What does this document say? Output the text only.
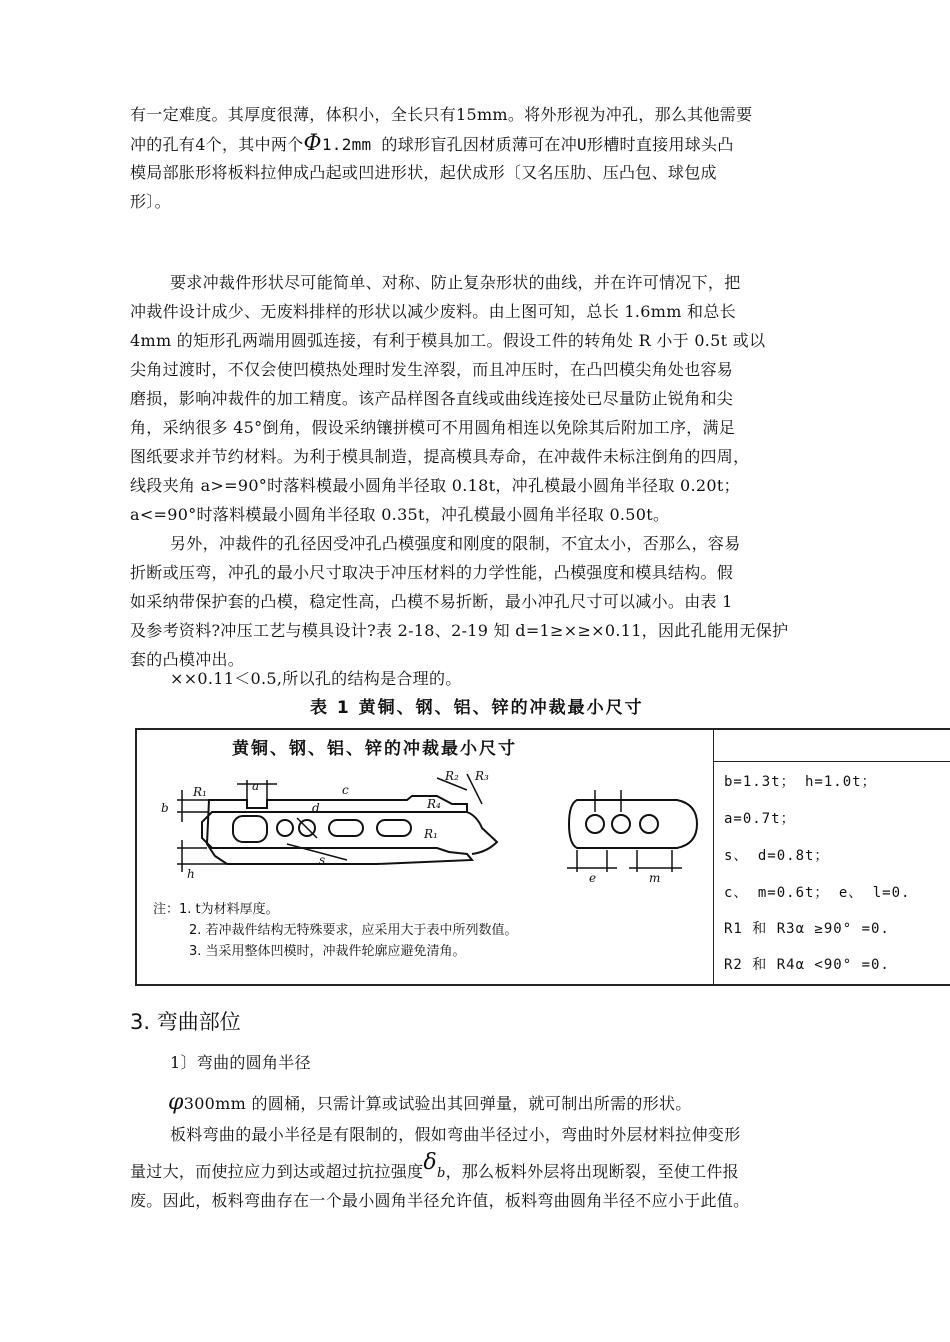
有一定难度。其厚度很薄，体积小，全长只有15mm。将外形视为冲孔，那么其他需要
冲的孔有4个，其中两个Φ1.2mm 的球形盲孔因材质薄可在冲U形槽时直接用球头凸
模局部胀形将板料拉伸成凸起或凹进形状，起伏成形〔又名压肋、压凸包、球包成
形〕。
要求冲裁件形状尽可能简单、对称、防止复杂形状的曲线，并在许可情况下，把
冲裁件设计成少、无废料排样的形状以减少废料。由上图可知，总长 1.6mm 和总长
4mm 的矩形孔两端用圆弧连接，有利于模具加工。假设工件的转角处 R 小于 0.5t 或以
尖角过渡时，不仅会使凹模热处理时发生淬裂，而且冲压时，在凸凹模尖角处也容易
磨损，影响冲裁件的加工精度。该产品样图各直线或曲线连接处已尽量防止锐角和尖
角，采纳很多 45°倒角，假设采纳镶拼模可不用圆角相连以免除其后附加工序，满足
图纸要求并节约材料。为利于模具制造，提高模具寿命，在冲裁件未标注倒角的四周，
线段夹角 a>=90°时落料模最小圆角半径取 0.18t，冲孔模最小圆角半径取 0.20t；
a<=90°时落料模最小圆角半径取 0.35t，冲孔模最小圆角半径取 0.50t。
另外，冲裁件的孔径因受冲孔凸模强度和刚度的限制，不宜太小，否那么，容易
折断或压弯，冲孔的最小尺寸取决于冲压材料的力学性能，凸模强度和模具结构。假
如采纳带保护套的凸模，稳定性高，凸模不易折断，最小冲孔尺寸可以减小。由表 1
及参考资料?冲压工艺与模具设计?表 2-18、2-19 知 d=1≥×≥×0.11，因此孔能用无保护
套的凸模冲出。
××0.11＜0.5,所以孔的结构是合理的。
表 1 黄铜、钢、铝、锌的冲裁最小尺寸
黄铜、钢、铝、锌的冲裁最小尺寸
b
h
R₁	a	c
d
s
R₁
R₂ R₃
R₄
e	m
注：1. t为材料厚度。
2. 若冲裁件结构无特殊要求，应采用大于表中所列数值。
3. 当采用整体凹模时，冲裁件轮廓应避免清角。
b=1.3t； h=1.0t；
a=0.7t；
s、 d=0.8t；
c、 m=0.6t； e、 l=0.
R1 和 R3α ≥90° =0.
R2 和 R4α <90° =0.
3. 弯曲部位
1〕弯曲的圆角半径
φ300mm 的圆桶，只需计算或试验出其回弹量，就可制出所需的形状。
板料弯曲的最小半径是有限制的，假如弯曲半径过小，弯曲时外层材料拉伸变形
量过大，而使拉应力到达或超过抗拉强度δb，那么板料外层将出现断裂，至使工件报
废。因此，板料弯曲存在一个最小圆角半径允许值，板料弯曲圆角半径不应小于此值。
